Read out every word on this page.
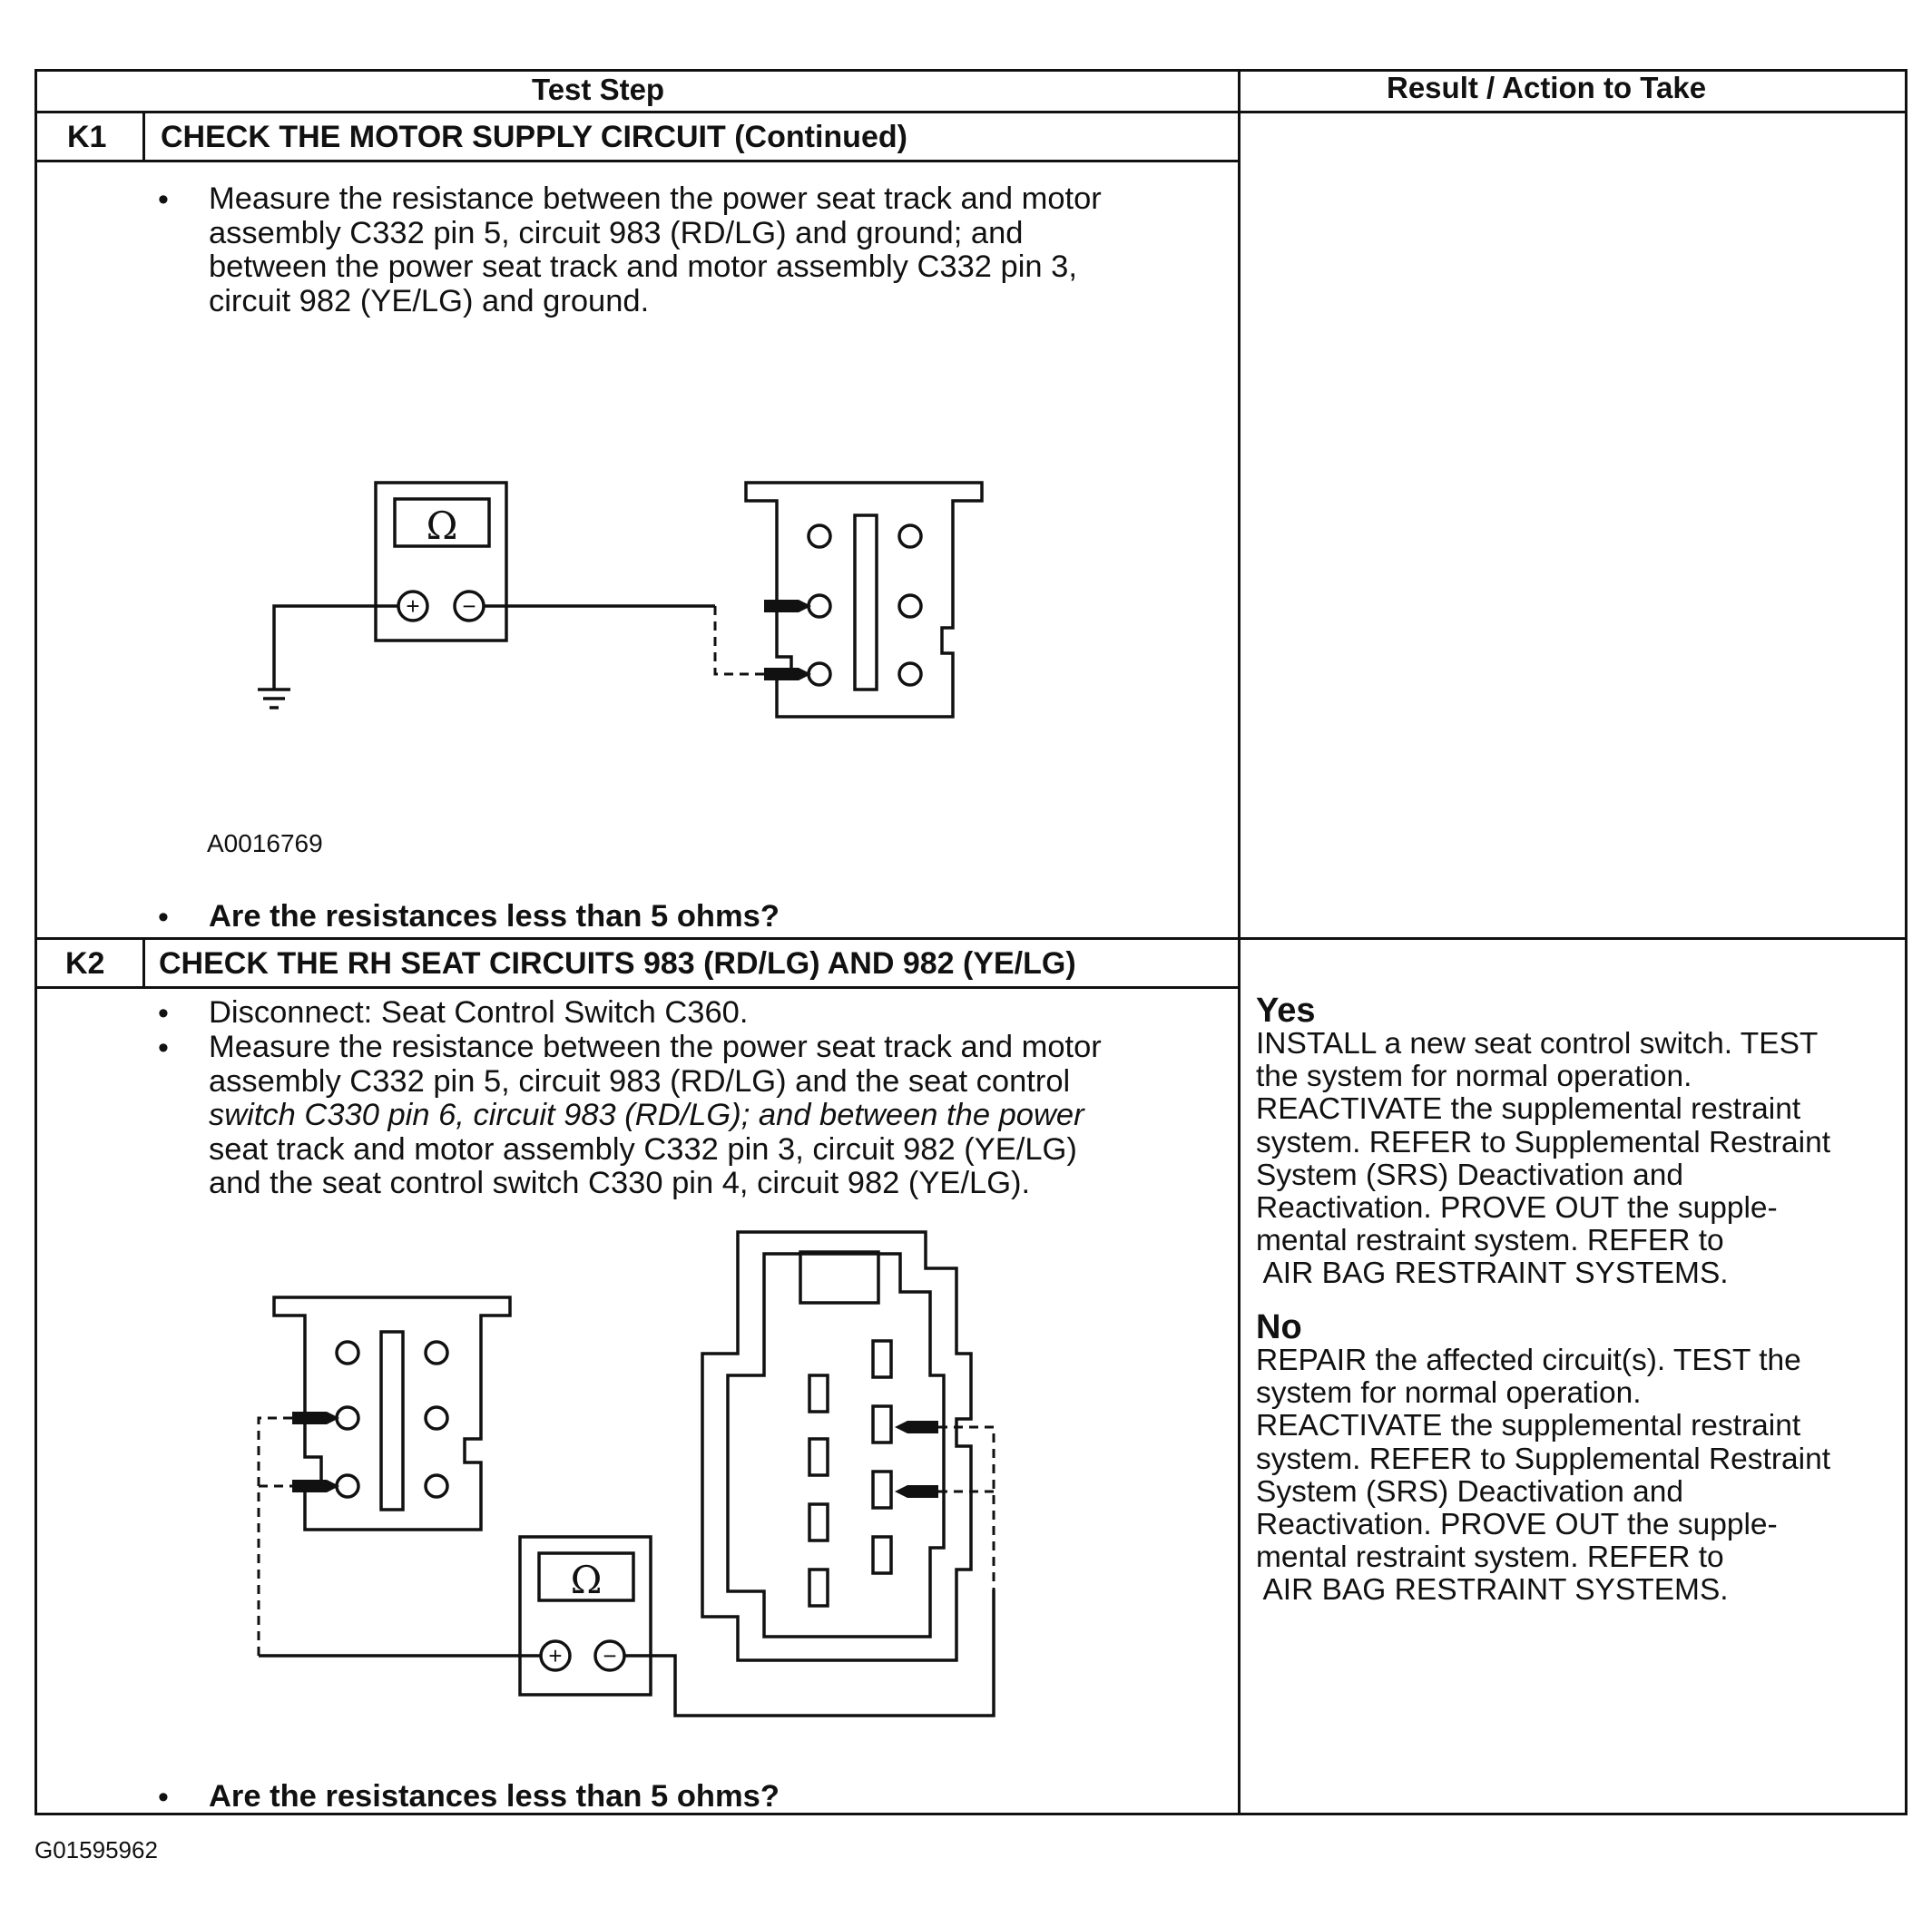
Test Step	Result / Action to Take
K1 CHECK THE MOTOR SUPPLY CIRCUIT (Continued)
• Measure the resistance between the power seat track and motor
assembly C332 pin 5, circuit 983 (RD/LG) and ground; and
between the power seat track and motor assembly C332 pin 3,
circuit 982 (YE/LG) and ground.
Ω
+ −
A0016769
• Are the resistances less than 5 ohms?
K2 CHECK THE RH SEAT CIRCUITS 983 (RD/LG) AND 982 (YE/LG)
• Disconnect: Seat Control Switch C360.
• Measure the resistance between the power seat track and motor
assembly C332 pin 5, circuit 983 (RD/LG) and the seat control
switch C330 pin 6, circuit 983 (RD/LG); and between the power
seat track and motor assembly C332 pin 3, circuit 982 (YE/LG)
and the seat control switch C330 pin 4, circuit 982 (YE/LG).
Ω
+ −
• Are the resistances less than 5 ohms?
Yes
INSTALL a new seat control switch. TEST
the system for normal operation.
REACTIVATE the supplemental restraint
system. REFER to Supplemental Restraint
System (SRS) Deactivation and
Reactivation. PROVE OUT the supple-
mental restraint system. REFER to
AIR BAG RESTRAINT SYSTEMS.
No
REPAIR the affected circuit(s). TEST the
system for normal operation.
REACTIVATE the supplemental restraint
system. REFER to Supplemental Restraint
System (SRS) Deactivation and
Reactivation. PROVE OUT the supple-
mental restraint system. REFER to
AIR BAG RESTRAINT SYSTEMS.
G01595962
